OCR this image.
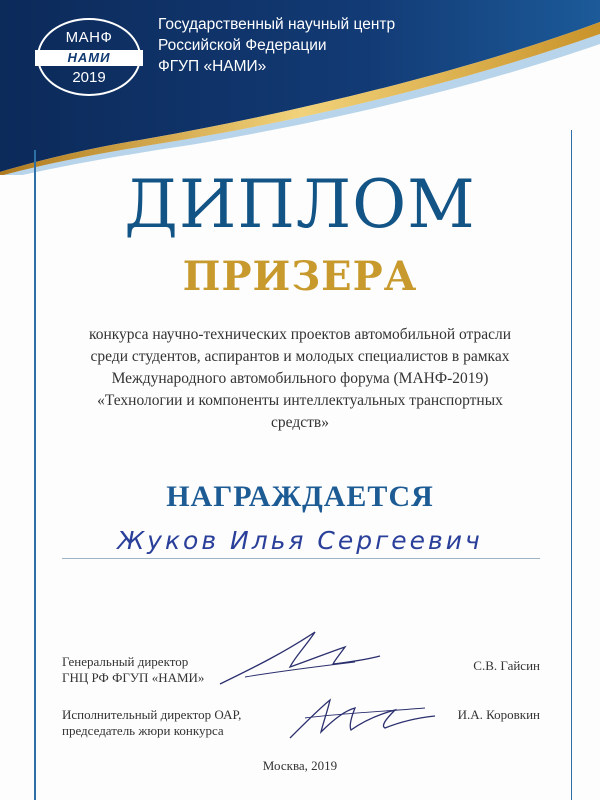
МАНФ
НАМИ
2019
Государственный научный центр
Российской Федерации
ФГУП «НАМИ»
ДИПЛОМ
ПРИЗЕРА
конкурса научно-технических проектов автомобильной отрасли
среди студентов, аспирантов и молодых специалистов в рамках
Международного автомобильного форума (МАНФ-2019)
«Технологии и компоненты интеллектуальных транспортных
средств»
НАГРАЖДАЕТСЯ
Жуков Илья Сергеевич
Генеральный директор
ГНЦ РФ ФГУП «НАМИ»
С.В. Гайсин
Исполнительный директор ОАР,
председатель жюри конкурса
И.А. Коровкин
Москва, 2019
